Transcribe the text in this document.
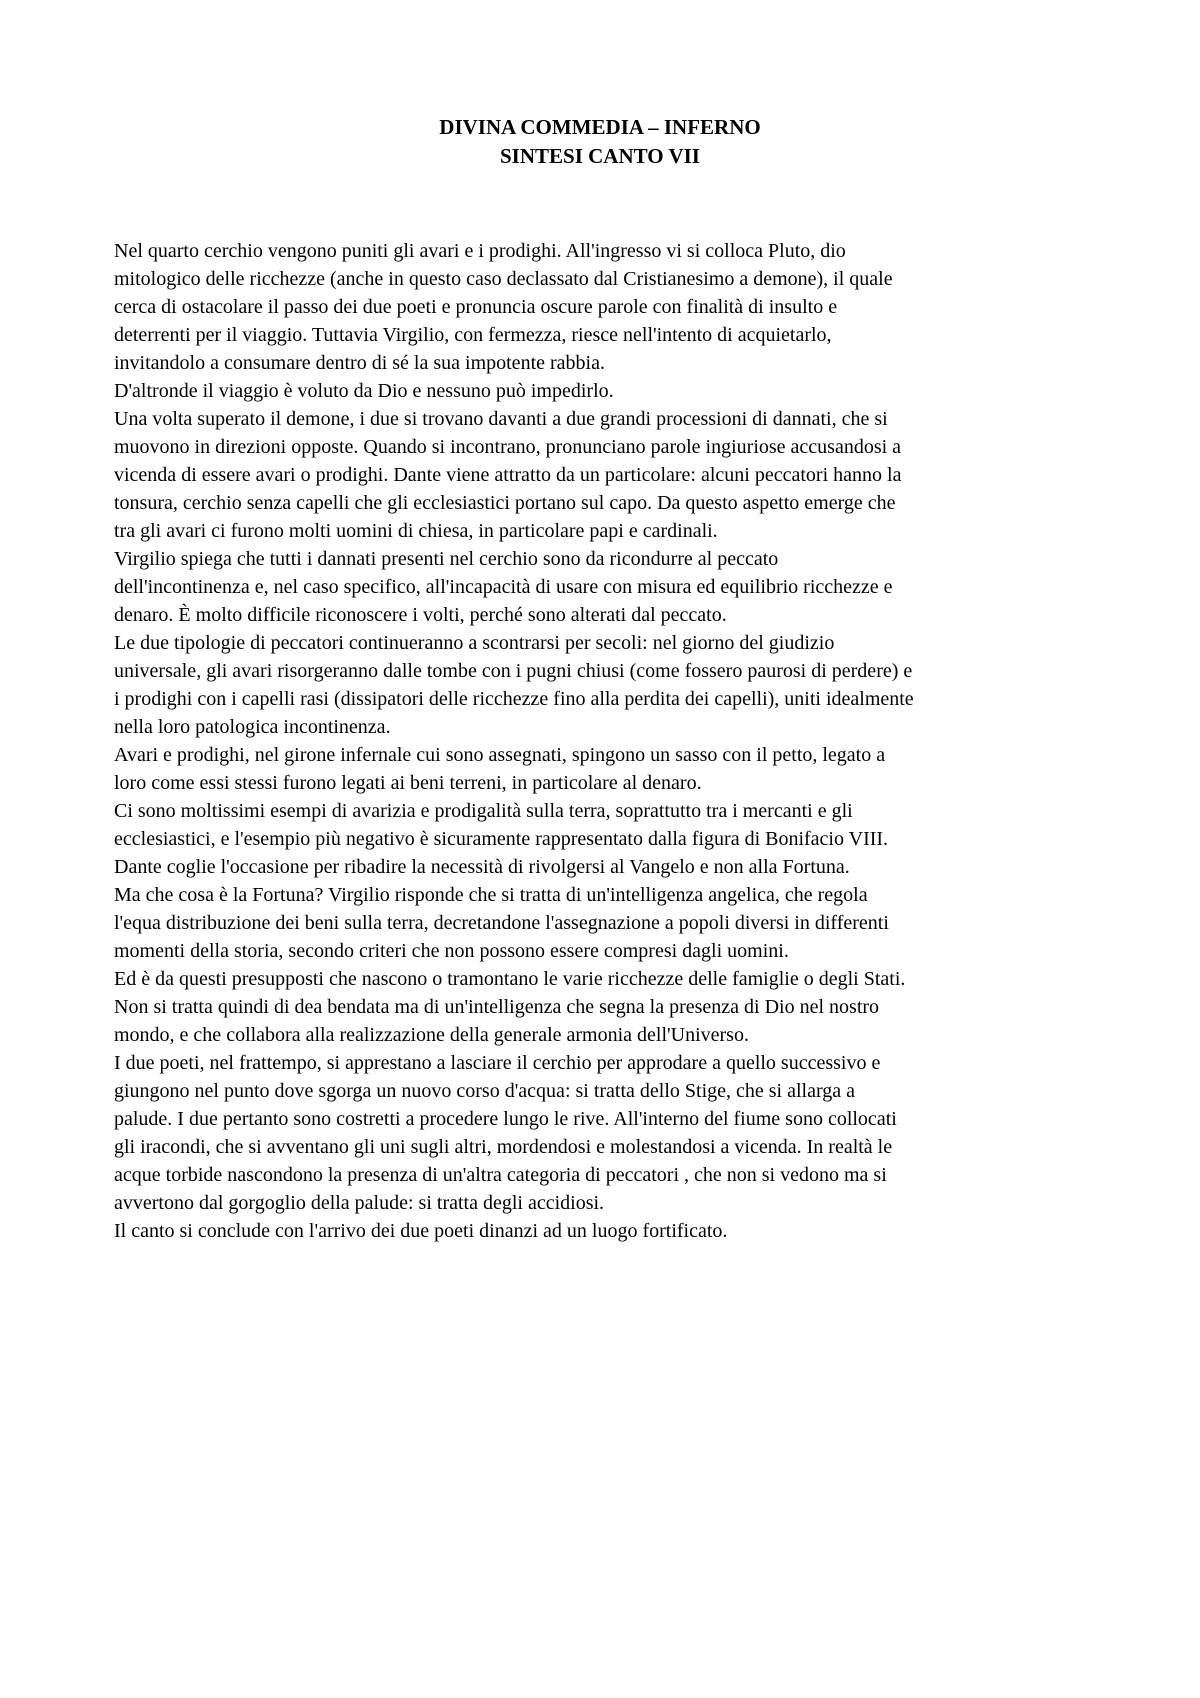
DIVINA COMMEDIA – INFERNO
SINTESI CANTO VII
Nel quarto cerchio vengono puniti gli avari e i prodighi. All'ingresso vi si colloca Pluto, dio
mitologico delle ricchezze (anche in questo caso declassato dal Cristianesimo a demone), il quale
cerca di ostacolare il passo dei due poeti e pronuncia oscure parole con finalità di insulto e
deterrenti per il viaggio. Tuttavia Virgilio, con fermezza, riesce nell'intento di acquietarlo,
invitandolo a consumare dentro di sé la sua impotente rabbia.
D'altronde il viaggio è voluto da Dio e nessuno può impedirlo.
Una volta superato il demone, i due si trovano davanti a due grandi processioni di dannati, che si
muovono in direzioni opposte. Quando si incontrano, pronunciano parole ingiuriose accusandosi a
vicenda di essere avari o prodighi. Dante viene attratto da un particolare: alcuni peccatori hanno la
tonsura, cerchio senza capelli che gli ecclesiastici portano sul capo. Da questo aspetto emerge che
tra gli avari ci furono molti uomini di chiesa, in particolare papi e cardinali.
Virgilio spiega che tutti i dannati presenti nel cerchio sono da ricondurre al peccato
dell'incontinenza e, nel caso specifico, all'incapacità di usare con misura ed equilibrio ricchezze e
denaro. È molto difficile riconoscere i volti, perché sono alterati dal peccato.
Le due tipologie di peccatori continueranno a scontrarsi per secoli: nel giorno del giudizio
universale, gli avari risorgeranno dalle tombe con i pugni chiusi (come fossero paurosi di perdere) e
i prodighi con i capelli rasi (dissipatori delle ricchezze fino alla perdita dei capelli), uniti idealmente
nella loro patologica incontinenza.
Avari e prodighi, nel girone infernale cui sono assegnati, spingono un sasso con il petto, legato a
loro come essi stessi furono legati ai beni terreni, in particolare al denaro.
Ci sono moltissimi esempi di avarizia e prodigalità sulla terra, soprattutto tra i mercanti e gli
ecclesiastici, e l'esempio più negativo è sicuramente rappresentato dalla figura di Bonifacio VIII.
Dante coglie l'occasione per ribadire la necessità di rivolgersi al Vangelo e non alla Fortuna.
Ma che cosa è la Fortuna? Virgilio risponde che si tratta di un'intelligenza angelica, che regola
l'equa distribuzione dei beni sulla terra, decretandone l'assegnazione a popoli diversi in differenti
momenti della storia, secondo criteri che non possono essere compresi dagli uomini.
Ed è da questi presupposti che nascono o tramontano le varie ricchezze delle famiglie o degli Stati.
Non si tratta quindi di dea bendata ma di un'intelligenza che segna la presenza di Dio nel nostro
mondo, e che collabora alla realizzazione della generale armonia dell'Universo.
I due poeti, nel frattempo, si apprestano a lasciare il cerchio per approdare a quello successivo e
giungono nel punto dove sgorga un nuovo corso d'acqua: si tratta dello Stige, che si allarga a
palude. I due pertanto sono costretti a procedere lungo le rive. All'interno del fiume sono collocati
gli iracondi, che si avventano gli uni sugli altri, mordendosi e molestandosi a vicenda. In realtà le
acque torbide nascondono la presenza di un'altra categoria di peccatori , che non si vedono ma si
avvertono dal gorgoglio della palude: si tratta degli accidiosi.
Il canto si conclude con l'arrivo dei due poeti dinanzi ad un luogo fortificato.
